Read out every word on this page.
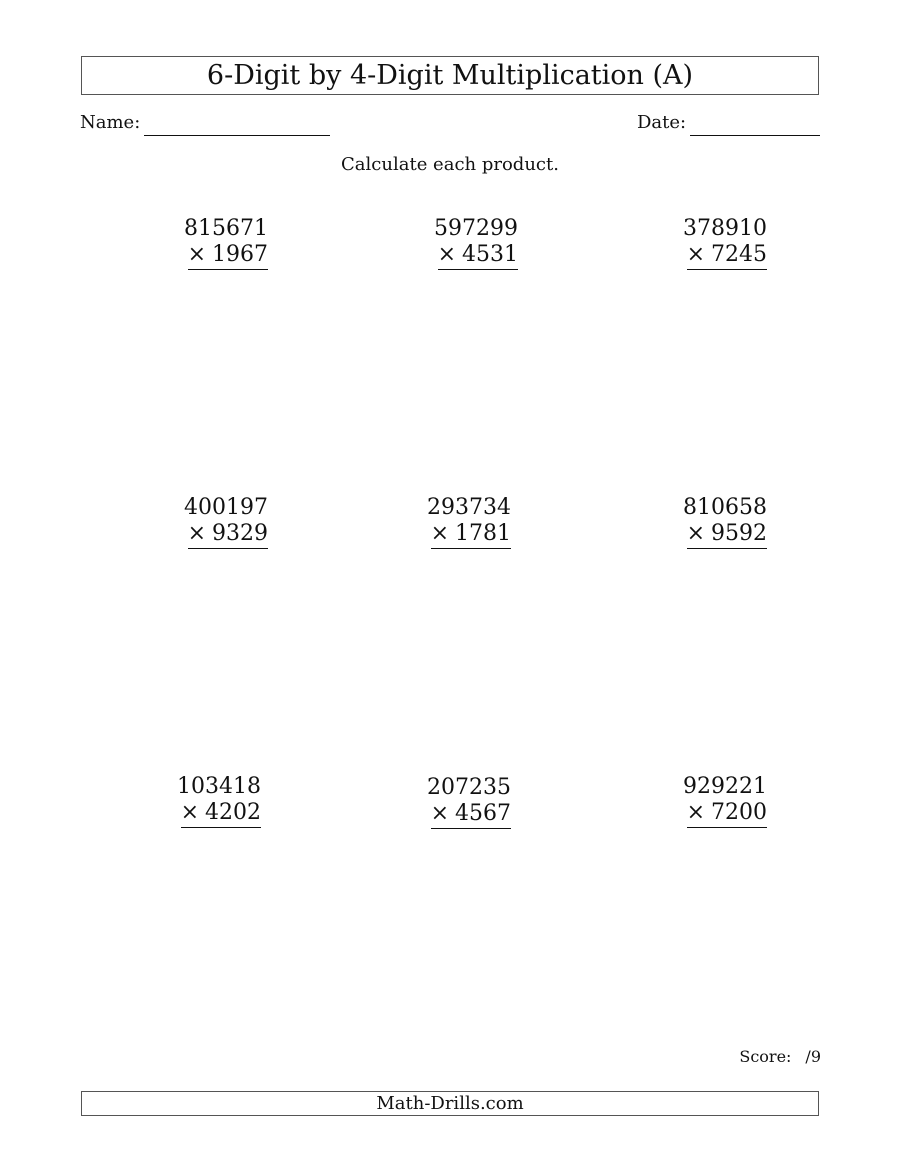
6-Digit by 4-Digit Multiplication (A)
Name:	Date:
Calculate each product.
815671
× 1967
597299
× 4531
378910
× 7245
400197
× 9329
293734
× 1781
810658
× 9592
103418
× 4202
207235
× 4567
929221
× 7200
Score: /9
Math-Drills.com
